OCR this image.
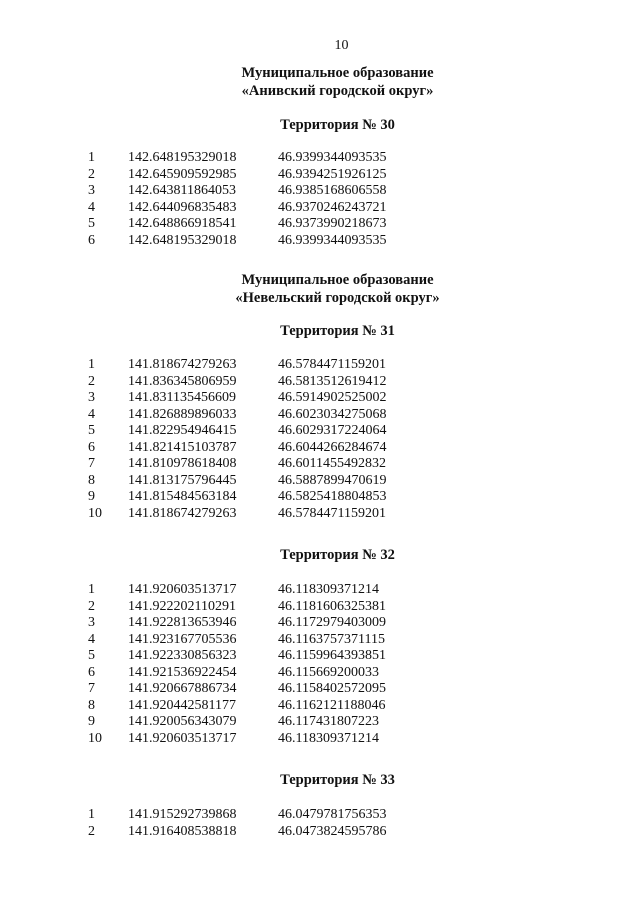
10
Муниципальное образование
«Анивский городской округ»
Территория № 30
1	142.648195329018	46.9399344093535
2	142.645909592985	46.9394251926125
3	142.643811864053	46.9385168606558
4	142.644096835483	46.9370246243721
5	142.648866918541	46.9373990218673
6	142.648195329018	46.9399344093535
Муниципальное образование
«Невельский городской округ»
Территория № 31
1	141.818674279263	46.5784471159201
2	141.836345806959	46.5813512619412
3	141.831135456609	46.5914902525002
4	141.826889896033	46.6023034275068
5	141.822954946415	46.6029317224064
6	141.821415103787	46.6044266284674
7	141.810978618408	46.6011455492832
8	141.813175796445	46.5887899470619
9	141.815484563184	46.5825418804853
10	141.818674279263	46.5784471159201
Территория № 32
1	141.920603513717	46.118309371214
2	141.922202110291	46.1181606325381
3	141.922813653946	46.1172979403009
4	141.923167705536	46.1163757371115
5	141.922330856323	46.1159964393851
6	141.921536922454	46.115669200033
7	141.920667886734	46.1158402572095
8	141.920442581177	46.1162121188046
9	141.920056343079	46.117431807223
10	141.920603513717	46.118309371214
Территория № 33
1	141.915292739868	46.0479781756353
2	141.916408538818	46.0473824595786
